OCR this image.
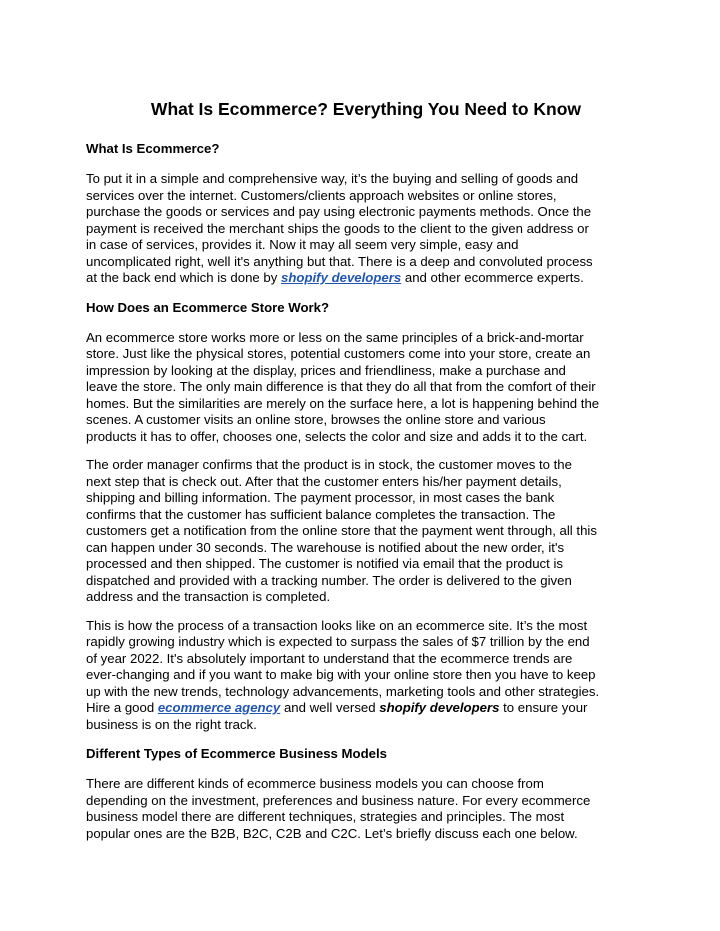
What Is Ecommerce? Everything You Need to Know
What Is Ecommerce?

To put it in a simple and comprehensive way, it’s the buying and selling of goods and
services over the internet. Customers/clients approach websites or online stores,
purchase the goods or services and pay using electronic payments methods. Once the
payment is received the merchant ships the goods to the client to the given address or
in case of services, provides it. Now it may all seem very simple, easy and
uncomplicated right, well it's anything but that. There is a deep and convoluted process
at the back end which is done by shopify developers and other ecommerce experts.

How Does an Ecommerce Store Work?

An ecommerce store works more or less on the same principles of a brick-and-mortar
store. Just like the physical stores, potential customers come into your store, create an
impression by looking at the display, prices and friendliness, make a purchase and
leave the store. The only main difference is that they do all that from the comfort of their
homes. But the similarities are merely on the surface here, a lot is happening behind the
scenes. A customer visits an online store, browses the online store and various
products it has to offer, chooses one, selects the color and size and adds it to the cart.

The order manager confirms that the product is in stock, the customer moves to the
next step that is check out. After that the customer enters his/her payment details,
shipping and billing information. The payment processor, in most cases the bank
confirms that the customer has sufficient balance completes the transaction. The
customers get a notification from the online store that the payment went through, all this
can happen under 30 seconds. The warehouse is notified about the new order, it's
processed and then shipped. The customer is notified via email that the product is
dispatched and provided with a tracking number. The order is delivered to the given
address and the transaction is completed.

This is how the process of a transaction looks like on an ecommerce site. It’s the most
rapidly growing industry which is expected to surpass the sales of $7 trillion by the end
of year 2022. It's absolutely important to understand that the ecommerce trends are
ever-changing and if you want to make big with your online store then you have to keep
up with the new trends, technology advancements, marketing tools and other strategies.
Hire a good ecommerce agency and well versed shopify developers to ensure your
business is on the right track.

Different Types of Ecommerce Business Models

There are different kinds of ecommerce business models you can choose from
depending on the investment, preferences and business nature. For every ecommerce
business model there are different techniques, strategies and principles. The most
popular ones are the B2B, B2C, C2B and C2C. Let’s briefly discuss each one below.
